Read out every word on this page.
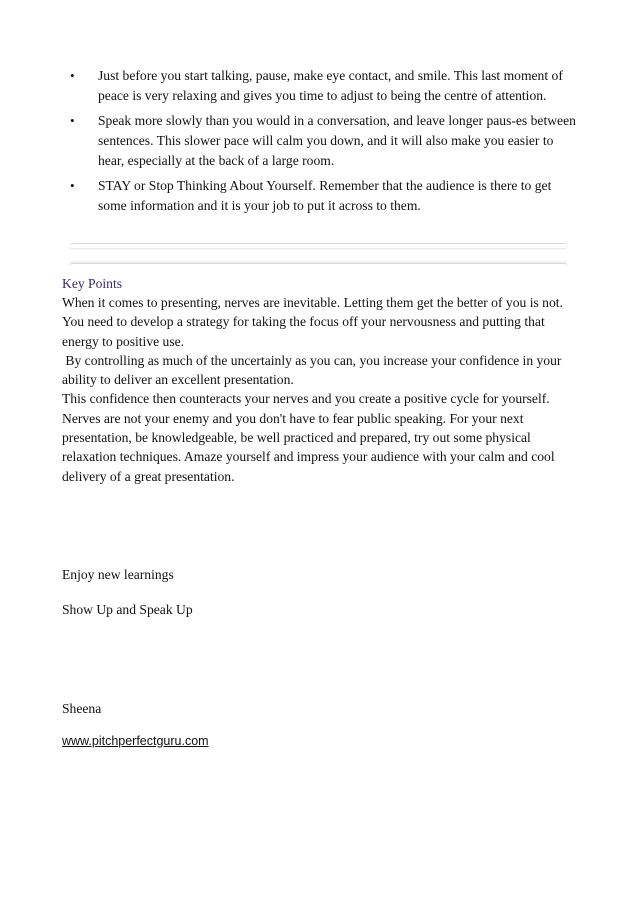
• Just before you start talking, pause, make eye contact, and smile. This last moment of peace is very relaxing and gives you time to adjust to being the centre of attention.
• Speak more slowly than you would in a conversation, and leave longer paus-es between sentences. This slower pace will calm you down, and it will also make you easier to hear, especially at the back of a large room.
• STAY or Stop Thinking About Yourself. Remember that the audience is there to get some information and it is your job to put it across to them.
Key Points

When it comes to presenting, nerves are inevitable. Letting them get the better of you is not. You need to develop a strategy for taking the focus off your nervousness and putting that energy to positive use.

By controlling as much of the uncertainly as you can, you increase your confidence in your ability to deliver an excellent presentation.

This confidence then counteracts your nerves and you create a positive cycle for yourself.

Nerves are not your enemy and you don't have to fear public speaking. For your next presentation, be knowledgeable, be well practiced and prepared, try out some physical relaxation techniques. Amaze yourself and impress your audience with your calm and cool delivery of a great presentation.

Enjoy new learnings
Show Up and Speak Up
Sheena
www.pitchperfectguru.com
